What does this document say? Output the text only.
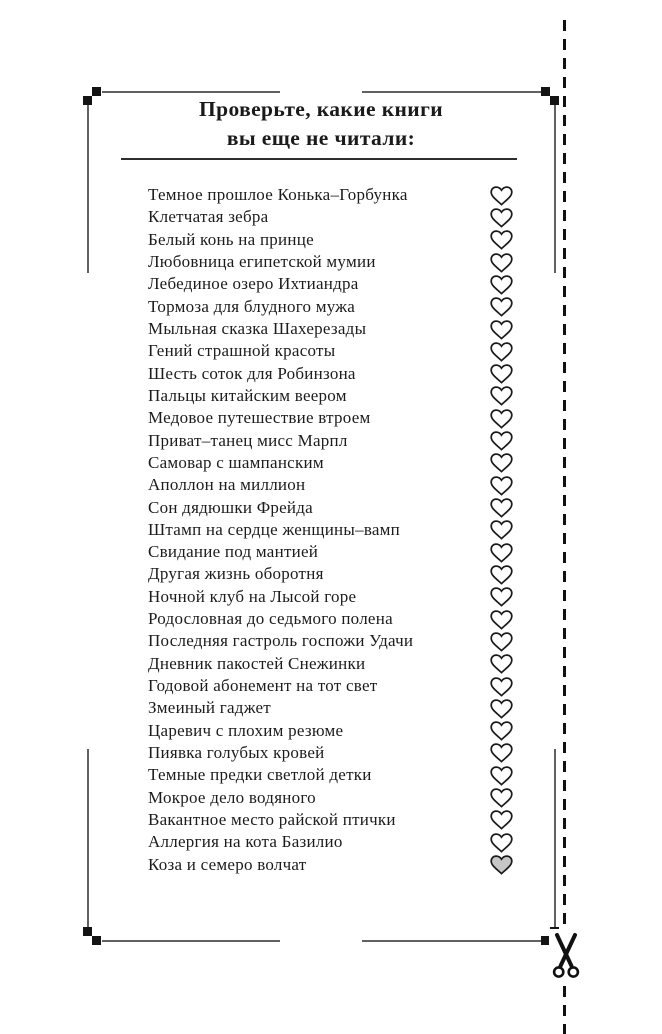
Проверьте, какие книги
вы еще не читали:
Темное прошлое Конька–Горбунка
Клетчатая зебра
Белый конь на принце
Любовница египетской мумии
Лебединое озеро Ихтиандра
Тормоза для блудного мужа
Мыльная сказка Шахерезады
Гений страшной красоты
Шесть соток для Робинзона
Пальцы китайским веером
Медовое путешествие втроем
Приват–танец мисс Марпл
Самовар с шампанским
Аполлон на миллион
Сон дядюшки Фрейда
Штамп на сердце женщины–вамп
Свидание под мантией
Другая жизнь оборотня
Ночной клуб на Лысой горе
Родословная до седьмого полена
Последняя гастроль госпожи Удачи
Дневник пакостей Снежинки
Годовой абонемент на тот свет
Змеиный гаджет
Царевич с плохим резюме
Пиявка голубых кровей
Темные предки светлой детки
Мокрое дело водяного
Вакантное место райской птички
Аллергия на кота Базилио
Коза и семеро волчат
